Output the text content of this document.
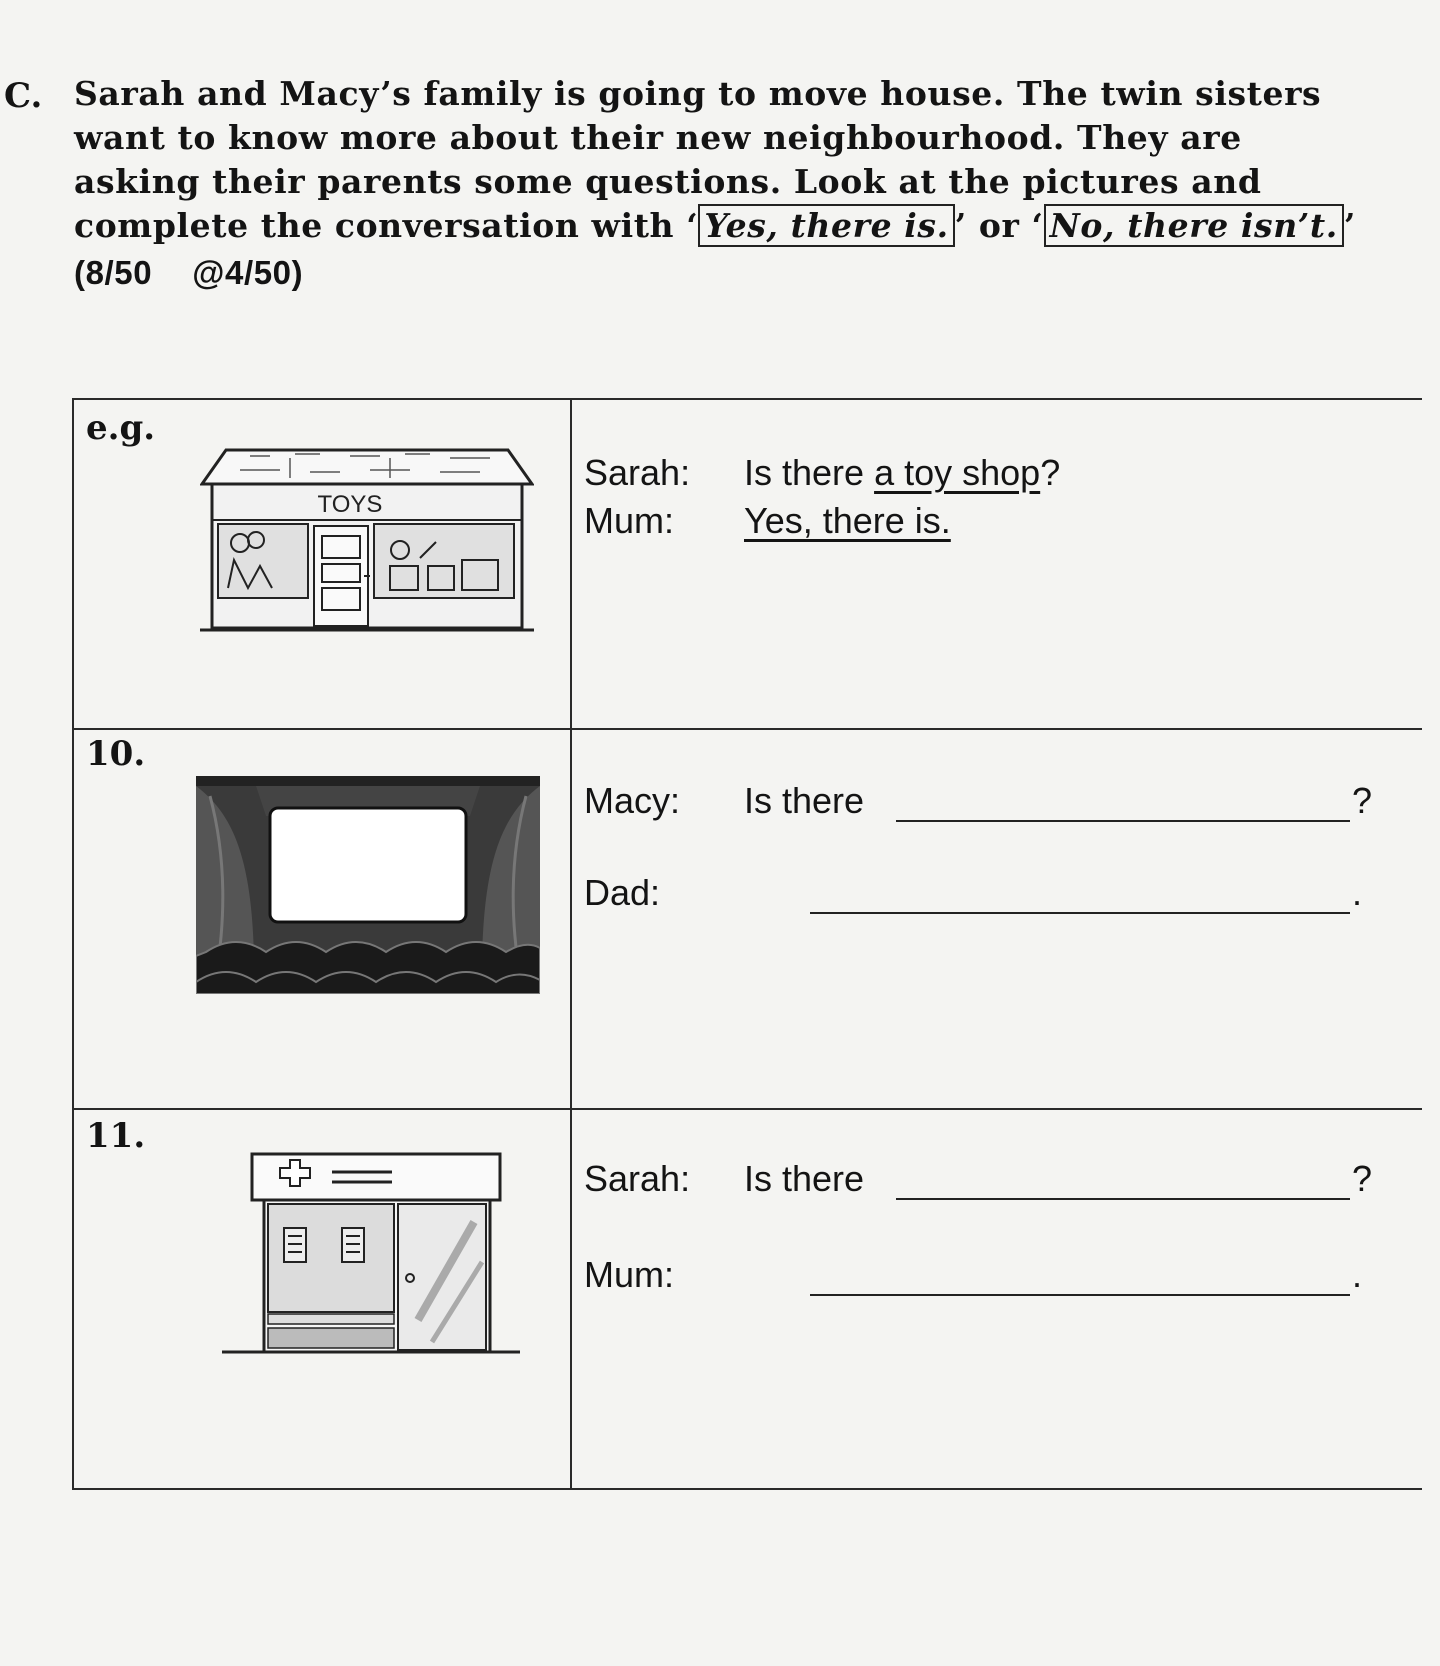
C. Sarah and Macy’s family is going to move house. The twin sisters
want to know more about their new neighbourhood. They are
asking their parents some questions. Look at the pictures and
complete the conversation with ‘ Yes, there is. ’ or ‘ No, there isn’t. ’
(8/50 @4/50)
e.g.
TOYS
Sarah: Is there a toy shop?
Mum: Yes, there is.
10.
Macy: Is there	?
Dad:	.
11.
Sarah: Is there	?
Mum:	.
